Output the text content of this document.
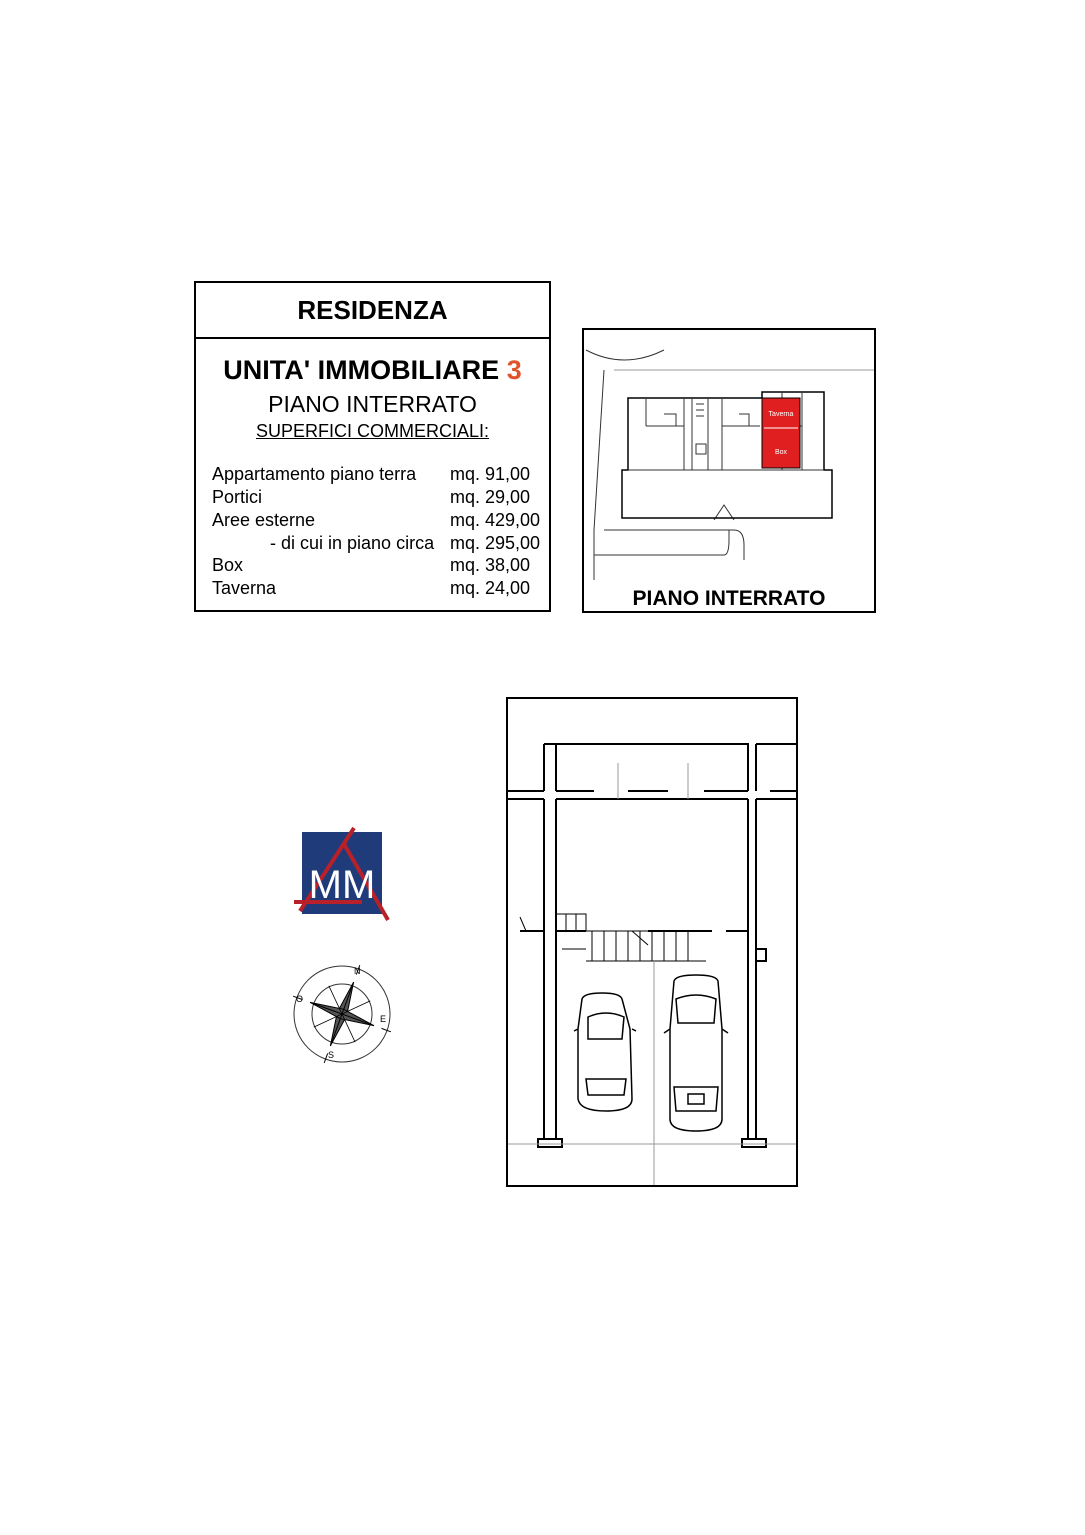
RESIDENZA
UNITA' IMMOBILIARE 3
PIANO INTERRATO
SUPERFICI COMMERCIALI:
Appartamento piano terra mq. 91,00
Portici	mq. 29,00
Aree esterne	mq. 429,00
- di cui in piano circa mq. 295,00
Box	mq. 38,00
Taverna	mq. 24,00
Taverna
Box
PIANO INTERRATO
MM
N
E
S
O
